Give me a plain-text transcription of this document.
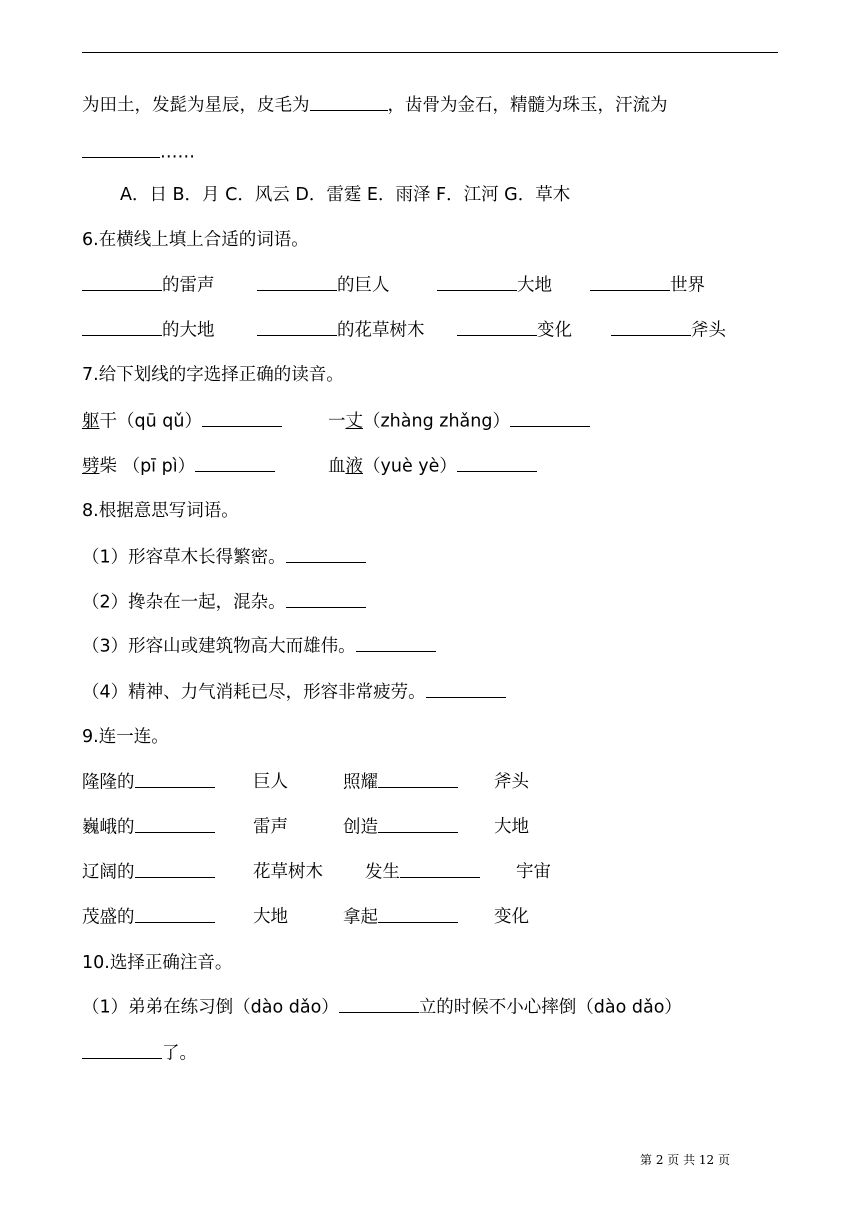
为田土，发髭为星辰，皮毛为	，齿骨为金石，精髓为珠玉，汗流为
……
A．日 B．月 C．风云 D．雷霆 E．雨泽 F．江河 G．草木
6.在横线上填上合适的词语。
的雷声	的巨人	大地	世界
的大地	的花草树木	变化	斧头
7.给下划线的字选择正确的读音。
躯干（qū qǔ）	一丈（zhàng zhǎng）
劈柴 （pī pì）	血液（yuè yè）
8.根据意思写词语。
（1）形容草木长得繁密。
（2）搀杂在一起，混杂。
（3）形容山或建筑物高大而雄伟。
（4）精神、力气消耗已尽，形容非常疲劳。
9.连一连。
隆隆的	巨人	照耀	斧头
巍峨的	雷声	创造	大地
辽阔的	花草树木 发生	宇宙
茂盛的	大地	拿起	变化
10.选择正确注音。
（1）弟弟在练习倒（dào dǎo）	立的时候不小心摔倒（dào dǎo）
了。
第 2 页 共 12 页
